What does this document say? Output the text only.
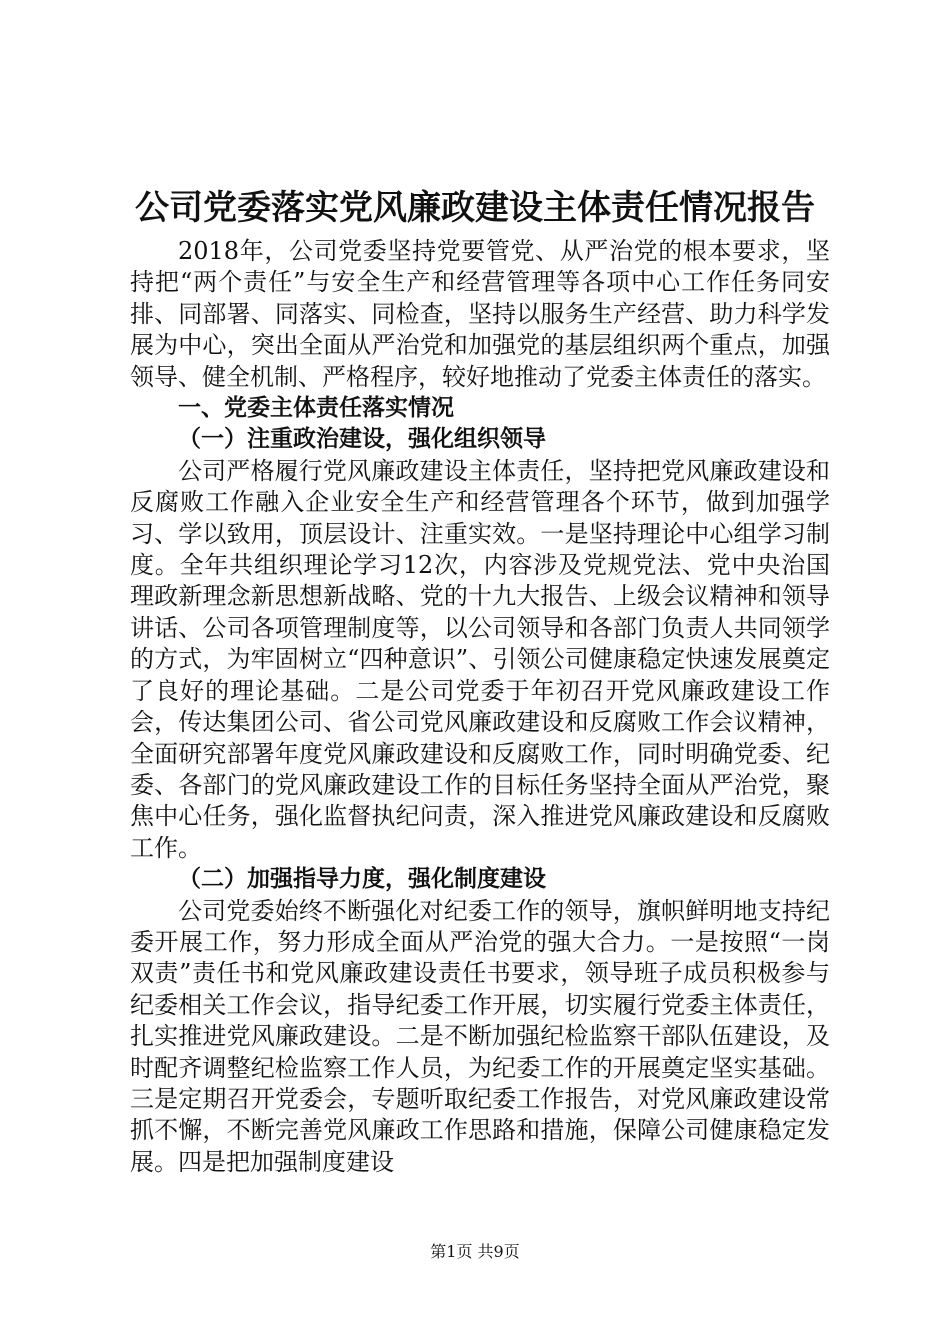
公司党委落实党风廉政建设主体责任情况报告

2018年，公司党委坚持党要管党、从严治党的根本要求，坚持把“两个责任”与安全生产和经营管理等各项中心工作任务同安排、同部署、同落实、同检查，坚持以服务生产经营、助力科学发展为中心，突出全面从严治党和加强党的基层组织两个重点，加强领导、健全机制、严格程序，较好地推动了党委主体责任的落实。

一、党委主体责任落实情况

（一）注重政治建设，强化组织领导

公司严格履行党风廉政建设主体责任，坚持把党风廉政建设和反腐败工作融入企业安全生产和经营管理各个环节，做到加强学习、学以致用，顶层设计、注重实效。一是坚持理论中心组学习制度。全年共组织理论学习12次，内容涉及党规党法、党中央治国理政新理念新思想新战略、党的十九大报告、上级会议精神和领导讲话、公司各项管理制度等，以公司领导和各部门负责人共同领学的方式，为牢固树立“四种意识”、引领公司健康稳定快速发展奠定了良好的理论基础。二是公司党委于年初召开党风廉政建设工作会，传达集团公司、省公司党风廉政建设和反腐败工作会议精神，全面研究部署年度党风廉政建设和反腐败工作，同时明确党委、纪委、各部门的党风廉政建设工作的目标任务坚持全面从严治党，聚焦中心任务，强化监督执纪问责，深入推进党风廉政建设和反腐败工作。

（二）加强指导力度，强化制度建设

公司党委始终不断强化对纪委工作的领导，旗帜鲜明地支持纪委开展工作，努力形成全面从严治党的强大合力。一是按照“一岗双责”责任书和党风廉政建设责任书要求，领导班子成员积极参与纪委相关工作会议，指导纪委工作开展，切实履行党委主体责任，扎实推进党风廉政建设。二是不断加强纪检监察干部队伍建设，及时配齐调整纪检监察工作人员，为纪委工作的开展奠定坚实基础。三是定期召开党委会，专题听取纪委工作报告，对党风廉政建设常抓不懈，不断完善党风廉政工作思路和措施，保障公司健康稳定发展。四是把加强制度建设

第1页 共9页
